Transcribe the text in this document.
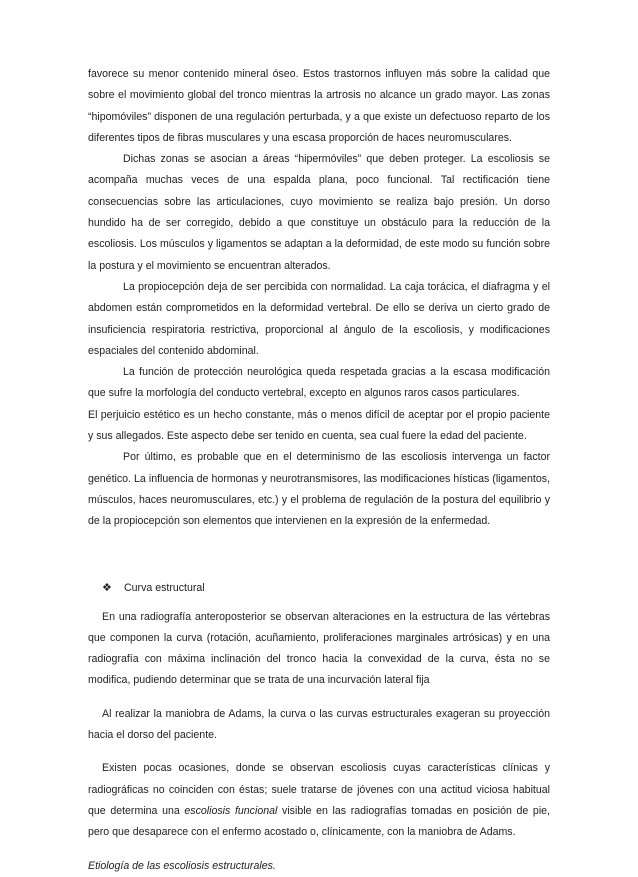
favorece su menor contenido mineral óseo. Estos trastornos influyen más sobre la calidad que sobre el movimiento global del tronco mientras la artrosis no alcance un grado mayor. Las zonas “hipomóviles” disponen de una regulación perturbada, y a que existe un defectuoso reparto de los diferentes tipos de fibras musculares y una escasa proporción de haces neuromusculares.

Dichas zonas se asocian a áreas “hipermóviles” que deben proteger. La escoliosis se acompaña muchas veces de una espalda plana, poco funcional. Tal rectificación tiene consecuencias sobre las articulaciones, cuyo movimiento se realiza bajo presión. Un dorso hundido ha de ser corregido, debido a que constituye un obstáculo para la reducción de la escoliosis. Los músculos y ligamentos se adaptan a la deformidad, de este modo su función sobre la postura y el movimiento se encuentran alterados.

La propiocepción deja de ser percibida con normalidad. La caja torácica, el diafragma y el abdomen están comprometidos en la deformidad vertebral. De ello se deriva un cierto grado de insuficiencia respiratoria restrictiva, proporcional al ángulo de la escoliosis, y modificaciones espaciales del contenido abdominal.

La función de protección neurológica queda respetada gracias a la escasa modificación que sufre la morfología del conducto vertebral, excepto en algunos raros casos particulares.

El perjuicio estético es un hecho constante, más o menos difícil de aceptar por el propio paciente y sus allegados. Este aspecto debe ser tenido en cuenta, sea cual fuere la edad del paciente.

Por último, es probable que en el determinismo de las escoliosis intervenga un factor genético. La influencia de hormonas y neurotransmisores, las modificaciones hísticas (ligamentos, músculos, haces neuromusculares, etc.) y el problema de regulación de la postura del equilibrio y de la propiocepción son elementos que intervienen en la expresión de la enfermedad.

❖ Curva estructural

En una radiografía anteroposterior se observan alteraciones en la estructura de las vértebras que componen la curva (rotación, acuñamiento, proliferaciones marginales artrósicas) y en una radiografía con máxima inclinación del tronco hacia la convexidad de la curva, ésta no se modifica, pudiendo determinar que se trata de una incurvación lateral fija

Al realizar la maniobra de Adams, la curva o las curvas estructurales exageran su proyección hacia el dorso del paciente.

Existen pocas ocasiones, donde se observan escoliosis cuyas características clínicas y radiográficas no coinciden con éstas; suele tratarse de jóvenes con una actitud viciosa habitual que determina una escoliosis funcional visible en las radiografías tomadas en posición de pie, pero que desaparece con el enfermo acostado o, clínicamente, con la maniobra de Adams.

Etiología de las escoliosis estructurales.
